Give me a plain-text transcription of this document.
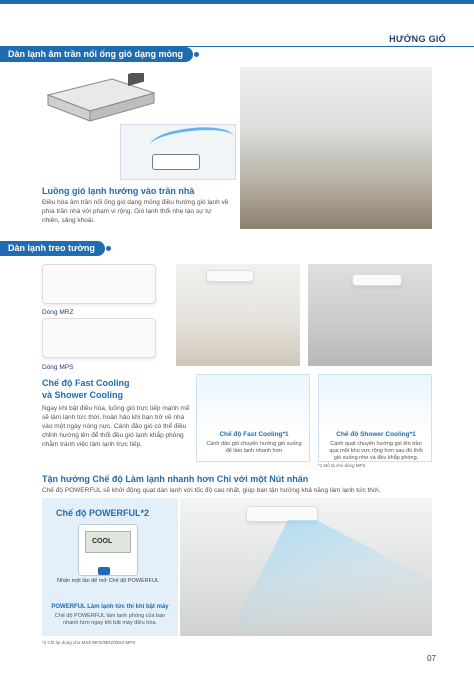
HƯỚNG GIÓ
Dàn lạnh âm trần nối ống gió dạng mỏng
Luồng gió lạnh hướng vào trần nhà
Điều hòa âm trần nối ống gió dạng mỏng điều hướng gió lạnh về phía trần nhà với phạm vi rộng. Gió lạnh thổi nhẹ tạo sự tự nhiên, sảng khoái.
Dàn lạnh treo tường
Dòng MRZ
Dòng MPS
Chế độ Fast Cooling
và Shower Cooling
Ngay khi bật điều hòa, luồng gió trực tiếp mạnh mẽ sẽ làm lạnh tức thời, hoàn hảo khi bạn trở về nhà vào một ngày nóng nực. Cánh đảo gió có thể điều chỉnh hướng lên để thổi đều gió lạnh khắp phòng nhằm tránh việc làm lạnh trực tiếp.
Chế độ Fast Cooling*1
Cánh đảo gió chuyển hướng gió xuống để làm lạnh nhanh hơn
Chế độ Shower Cooling*1
Cánh quạt chuyển hướng gió lên trần qua một khu vực rộng hơn sau đó thổi gió xuống nhẹ và đều khắp phòng.
*1 Mô tả cho dòng MPS
Tận hưởng Chế độ Làm lạnh nhanh hơn Chỉ với một Nút nhấn
Chế độ POWERFUL sẽ khởi động quạt dàn lạnh với tốc độ cao nhất, giúp bạn tận hưởng khả năng làm lạnh tức thời.
Chế độ POWERFUL*2
COOL
Nhấn một lần để mở Chế độ POWERFUL
POWERFUL Làm lạnh tức thì khi bật máy
Chế độ POWERFUL làm lạnh phòng của bạn nhanh hơn ngay khi bật máy điều hòa.
*2 Chỉ áp dụng cho MSZ-MFD/MRZ/MSZ-MPS
07
